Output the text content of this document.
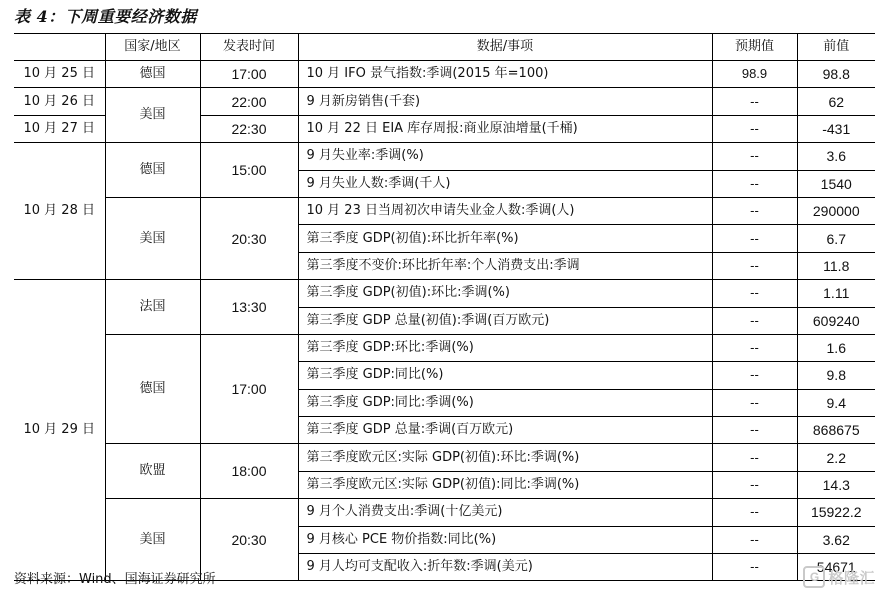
表 4：下周重要经济数据
	国家/地区	发表时间	数据/事项	预期值	前值
10 月 25 日	德国	17:00	10 月 IFO 景气指数:季调(2015 年=100)	98.9	98.8
10 月 26 日	美国	22:00	9 月新房销售(千套)	--	62
10 月 27 日		22:30	10 月 22 日 EIA 库存周报:商业原油增量(千桶)	--	-431
10 月 28 日	德国	15:00	9 月失业率:季调(%)	--	3.6
			9 月失业人数:季调(千人)	--	1540
	美国	20:30	10 月 23 日当周初次申请失业金人数:季调(人)	--	290000
			第三季度 GDP(初值):环比折年率(%)	--	6.7
			第三季度不变价:环比折年率:个人消费支出:季调	--	11.8
10 月 29 日	法国	13:30	第三季度 GDP(初值):环比:季调(%)	--	1.11
			第三季度 GDP 总量(初值):季调(百万欧元)	--	609240
	德国	17:00	第三季度 GDP:环比:季调(%)	--	1.6
			第三季度 GDP:同比(%)	--	9.8
			第三季度 GDP:同比:季调(%)	--	9.4
			第三季度 GDP 总量:季调(百万欧元)	--	868675
	欧盟	18:00	第三季度欧元区:实际 GDP(初值):环比:季调(%)	--	2.2
			第三季度欧元区:实际 GDP(初值):同比:季调(%)	--	14.3
	美国	20:30	9 月个人消费支出:季调(十亿美元)	--	15922.2
			9 月核心 PCE 物价指数:同比(%)	--	3.62
			9 月人均可支配收入:折年数:季调(美元)	--	54671
资料来源：Wind、国海证券研究所	G 格隆汇
